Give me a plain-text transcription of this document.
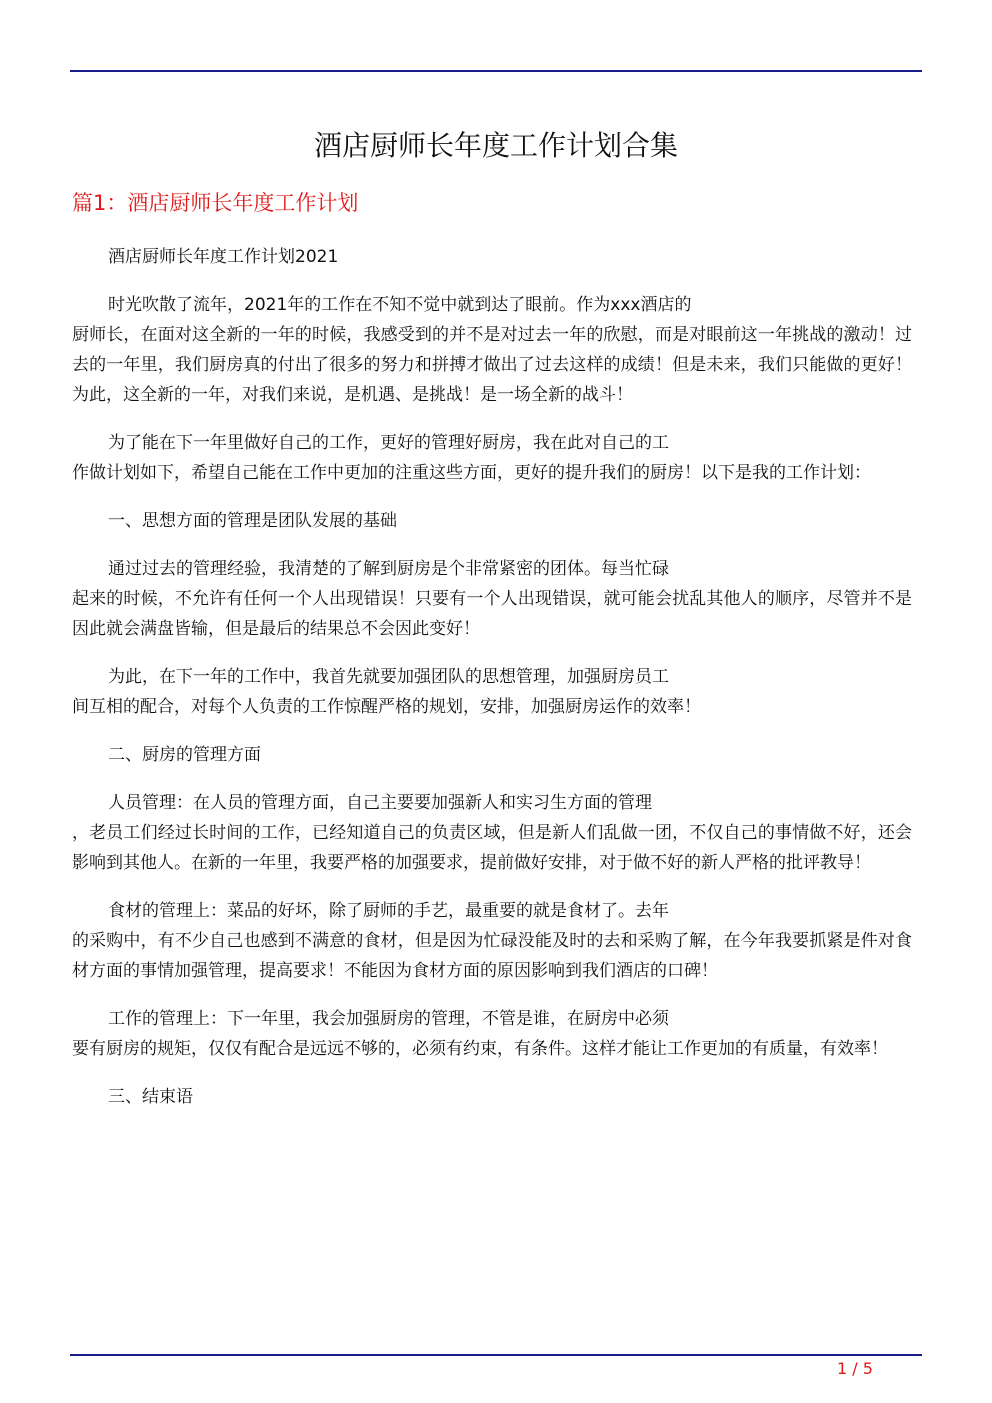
酒店厨师长年度工作计划合集
篇1：酒店厨师长年度工作计划

酒店厨师长年度工作计划2021

时光吹散了流年，2021年的工作在不知不觉中就到达了眼前。作为xxx酒店的
厨师长，在面对这全新的一年的时候，我感受到的并不是对过去一年的欣慰，而是对眼前这一年挑战的激动！过去的一年里，我们厨房真的付出了很多的努力和拼搏才做出了过去这样的成绩！但是未来，我们只能做的更好！为此，这全新的一年，对我们来说，是机遇、是挑战！是一场全新的战斗！

为了能在下一年里做好自己的工作，更好的管理好厨房，我在此对自己的工
作做计划如下，希望自己能在工作中更加的注重这些方面，更好的提升我们的厨房！以下是我的工作计划：

一、思想方面的管理是团队发展的基础

通过过去的管理经验，我清楚的了解到厨房是个非常紧密的团体。每当忙碌
起来的时候，不允许有任何一个人出现错误！只要有一个人出现错误，就可能会扰乱其他人的顺序，尽管并不是因此就会满盘皆输，但是最后的结果总不会因此变好！

为此，在下一年的工作中，我首先就要加强团队的思想管理，加强厨房员工
间互相的配合，对每个人负责的工作惊醒严格的规划，安排，加强厨房运作的效率！

二、厨房的管理方面

人员管理：在人员的管理方面，自己主要要加强新人和实习生方面的管理
，老员工们经过长时间的工作，已经知道自己的负责区域，但是新人们乱做一团，不仅自己的事情做不好，还会影响到其他人。在新的一年里，我要严格的加强要求，提前做好安排，对于做不好的新人严格的批评教导！

食材的管理上：菜品的好坏，除了厨师的手艺，最重要的就是食材了。去年
的采购中，有不少自己也感到不满意的食材，但是因为忙碌没能及时的去和采购了解，在今年我要抓紧是件对食材方面的事情加强管理，提高要求！不能因为食材方面的原因影响到我们酒店的口碑！

工作的管理上：下一年里，我会加强厨房的管理，不管是谁，在厨房中必须
要有厨房的规矩，仅仅有配合是远远不够的，必须有约束，有条件。这样才能让工作更加的有质量，有效率！

三、结束语

1 / 5
